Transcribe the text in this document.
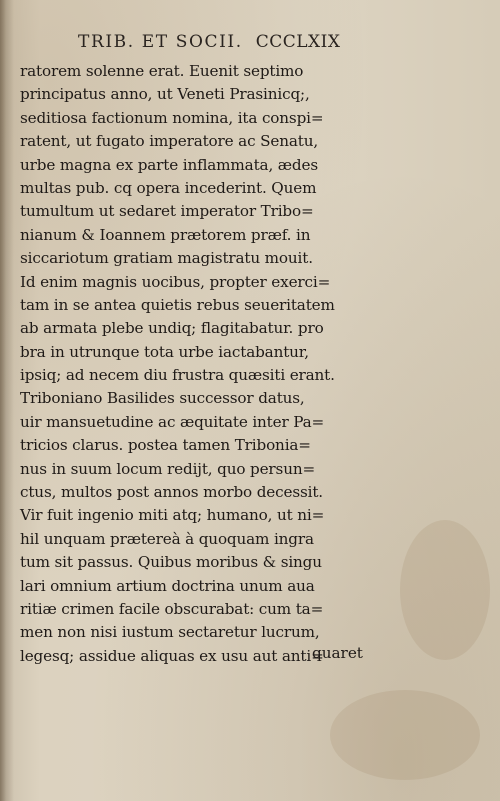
TRIB. ET SOCII. CCCLXIX
ratorem solenne erat. Euenit septimo
principatus anno, ut Veneti Prasinicq;,
seditiosa factionum nomina, ita conspi=
ratent, ut fugato imperatore ac Senatu,
urbe magna ex parte inflammata, ædes
multas pub. cq opera incederint. Quem
tumultum ut sedaret imperator Tribo=
nianum & Ioannem prætorem præf. in
siccariotum gratiam magistratu mouit.
Id enim magnis uocibus, propter exerci=
tam in se antea quietis rebus seueritatem
ab armata plebe undiq; flagitabatur. pro
bra in utrunque tota urbe iactabantur,
ipsiq; ad necem diu frustra quæsiti erant.
Triboniano Basilides successor datus,
uir mansuetudine ac æquitate inter Pa=
tricios clarus. postea tamen Tribonia=
nus in suum locum redijt, quo persun=
ctus, multos post annos morbo decessit.
Vir fuit ingenio miti atq; humano, ut ni=
hil unquam prætereà à quoquam ingra
tum sit passus. Quibus moribus & singu
lari omnium artium doctrina unum aua
ritiæ crimen facile obscurabat: cum ta=
men non nisi iustum sectaretur lucrum,
legesq; assidue aliquas ex usu aut anti=
quaret
